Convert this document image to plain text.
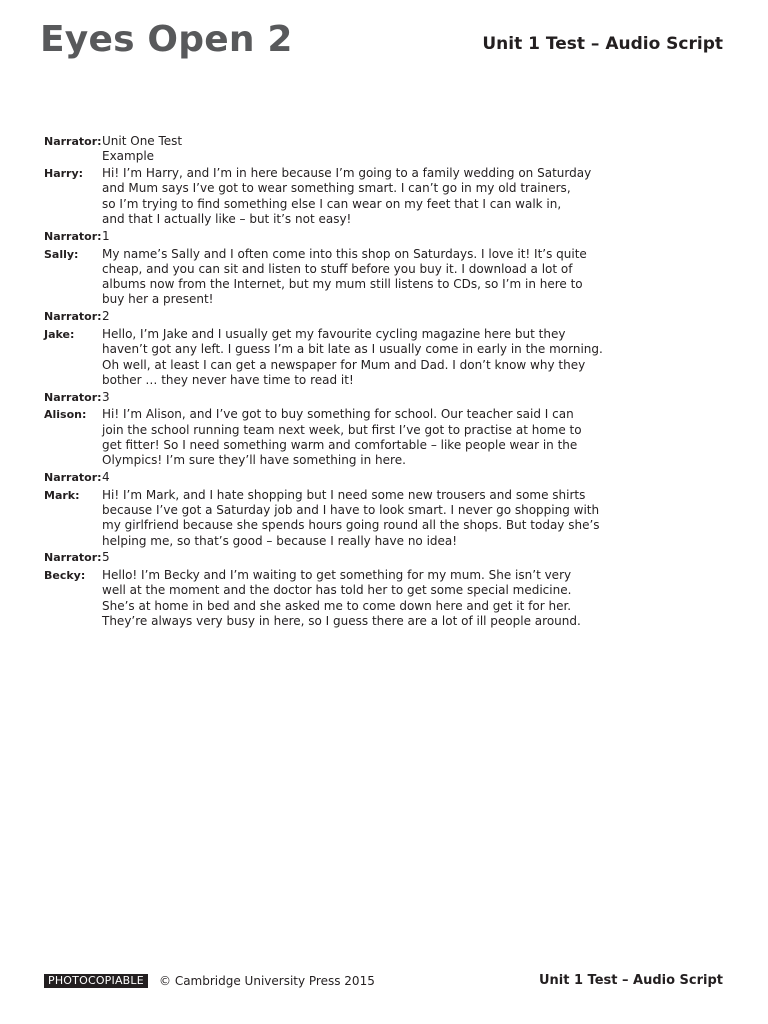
Eyes Open 2	Unit 1 Test – Audio Script
Narrator: Unit One Test
Example
Harry:	Hi! I’m Harry, and I’m in here because I’m going to a family wedding on Saturday
and Mum says I’ve got to wear something smart. I can’t go in my old trainers,
so I’m trying to find something else I can wear on my feet that I can walk in,
and that I actually like – but it’s not easy!
Narrator: 1
Sally:	My name’s Sally and I often come into this shop on Saturdays. I love it! It’s quite
cheap, and you can sit and listen to stuff before you buy it. I download a lot of
albums now from the Internet, but my mum still listens to CDs, so I’m in here to
buy her a present!
Narrator: 2
Jake:	Hello, I’m Jake and I usually get my favourite cycling magazine here but they
haven’t got any left. I guess I’m a bit late as I usually come in early in the morning.
Oh well, at least I can get a newspaper for Mum and Dad. I don’t know why they
bother … they never have time to read it!
Narrator: 3
Alison:	Hi! I’m Alison, and I’ve got to buy something for school. Our teacher said I can
join the school running team next week, but first I’ve got to practise at home to
get fitter! So I need something warm and comfortable – like people wear in the
Olympics! I’m sure they’ll have something in here.
Narrator: 4
Mark:	Hi! I’m Mark, and I hate shopping but I need some new trousers and some shirts
because I’ve got a Saturday job and I have to look smart. I never go shopping with
my girlfriend because she spends hours going round all the shops. But today she’s
helping me, so that’s good – because I really have no idea!
Narrator: 5
Becky:	Hello! I’m Becky and I’m waiting to get something for my mum. She isn’t very
well at the moment and the doctor has told her to get some special medicine.
She’s at home in bed and she asked me to come down here and get it for her.
They’re always very busy in here, so I guess there are a lot of ill people around.
PHOTOCOPIABLE	© Cambridge University Press 2015	Unit 1 Test – Audio Script
